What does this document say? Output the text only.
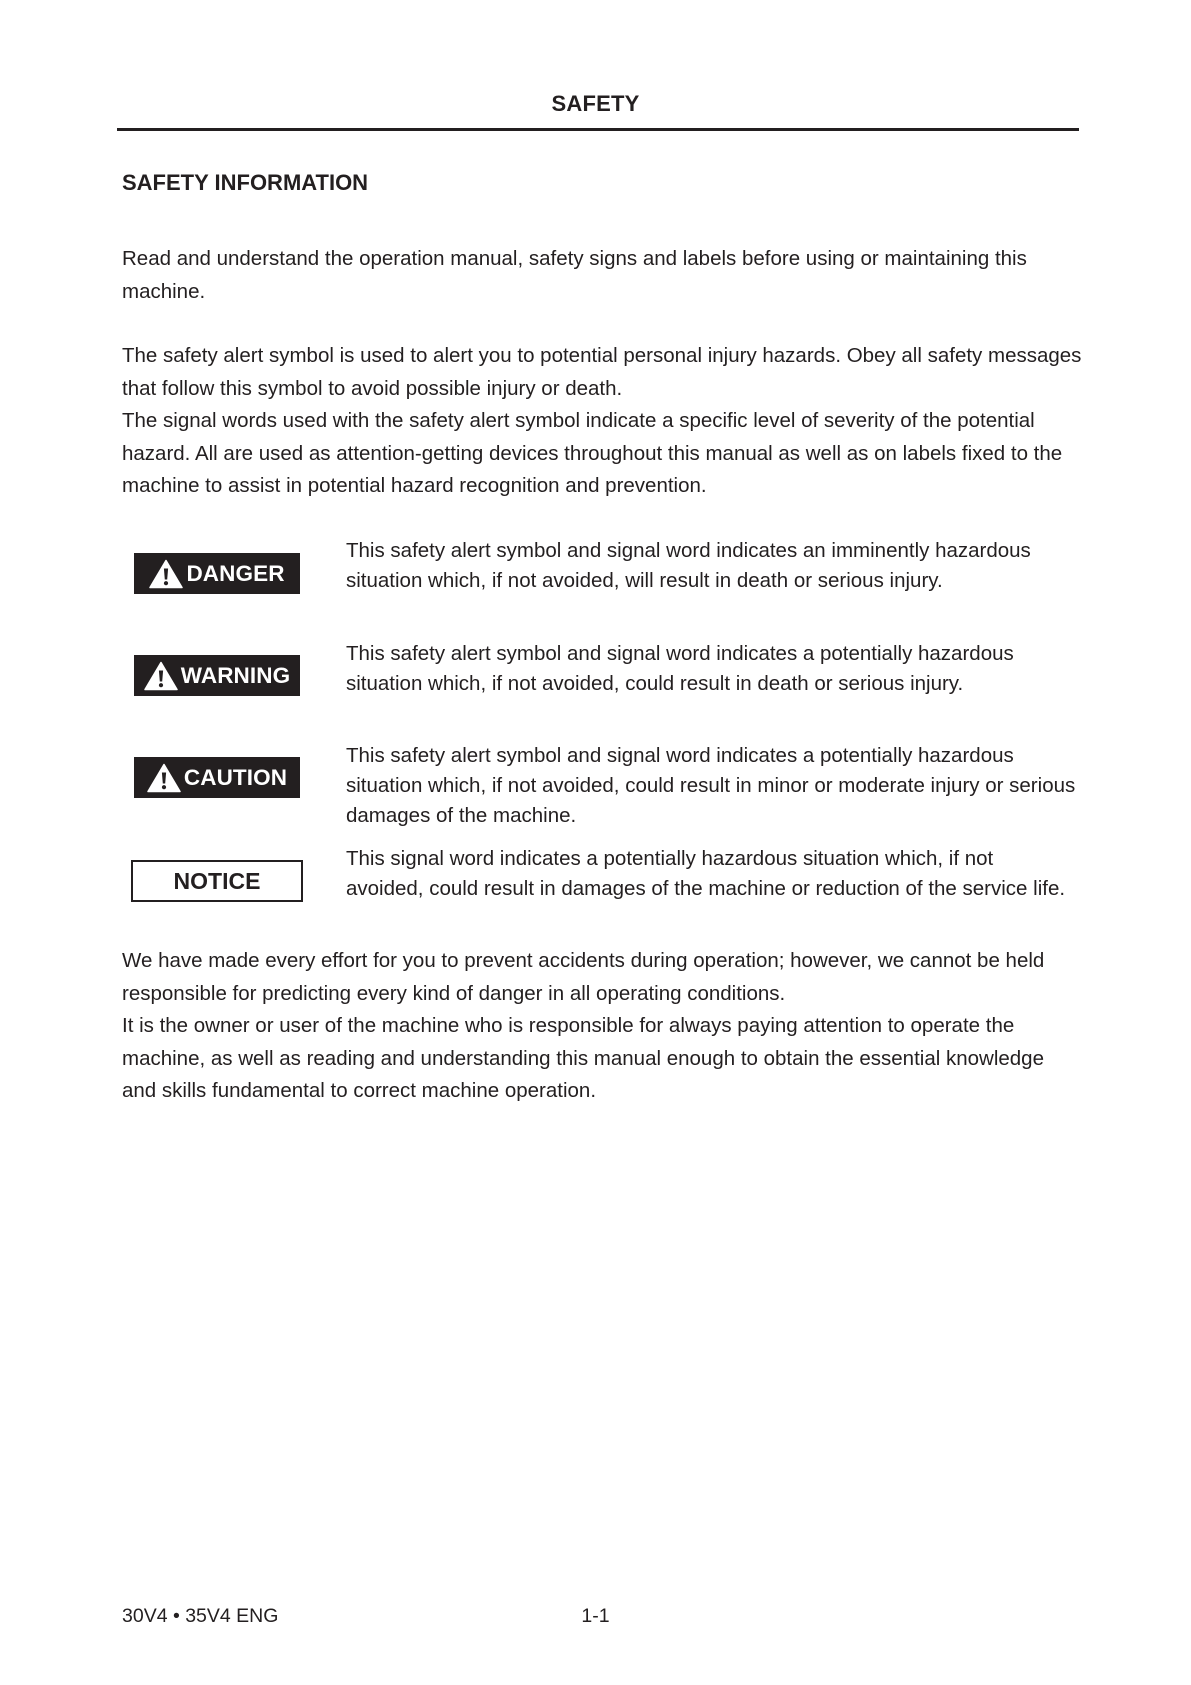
SAFETY
SAFETY INFORMATION

Read and understand the operation manual, safety signs and labels before using or maintaining this machine.

The safety alert symbol is used to alert you to potential personal injury hazards. Obey all safety messages that follow this symbol to avoid possible injury or death.
The signal words used with the safety alert symbol indicate a specific level of severity of the potential hazard. All are used as attention-getting devices throughout this manual as well as on labels fixed to the machine to assist in potential hazard recognition and prevention.

DANGER

This safety alert symbol and signal word indicates an imminently hazardous situation which, if not avoided, will result in death or serious injury.

WARNING

This safety alert symbol and signal word indicates a potentially hazardous situation which, if not avoided, could result in death or serious injury.

CAUTION

This safety alert symbol and signal word indicates a potentially hazardous situation which, if not avoided, could result in minor or moderate injury or serious damages of the machine.

NOTICE

This signal word indicates a potentially hazardous situation which, if not avoided, could result in damages of the machine or reduction of the service life.

We have made every effort for you to prevent accidents during operation; however, we cannot be held responsible for predicting every kind of danger in all operating conditions.
It is the owner or user of the machine who is responsible for always paying attention to operate the machine, as well as reading and understanding this manual enough to obtain the essential knowledge and skills fundamental to correct machine operation.

30V4 • 35V4 ENG	1-1
